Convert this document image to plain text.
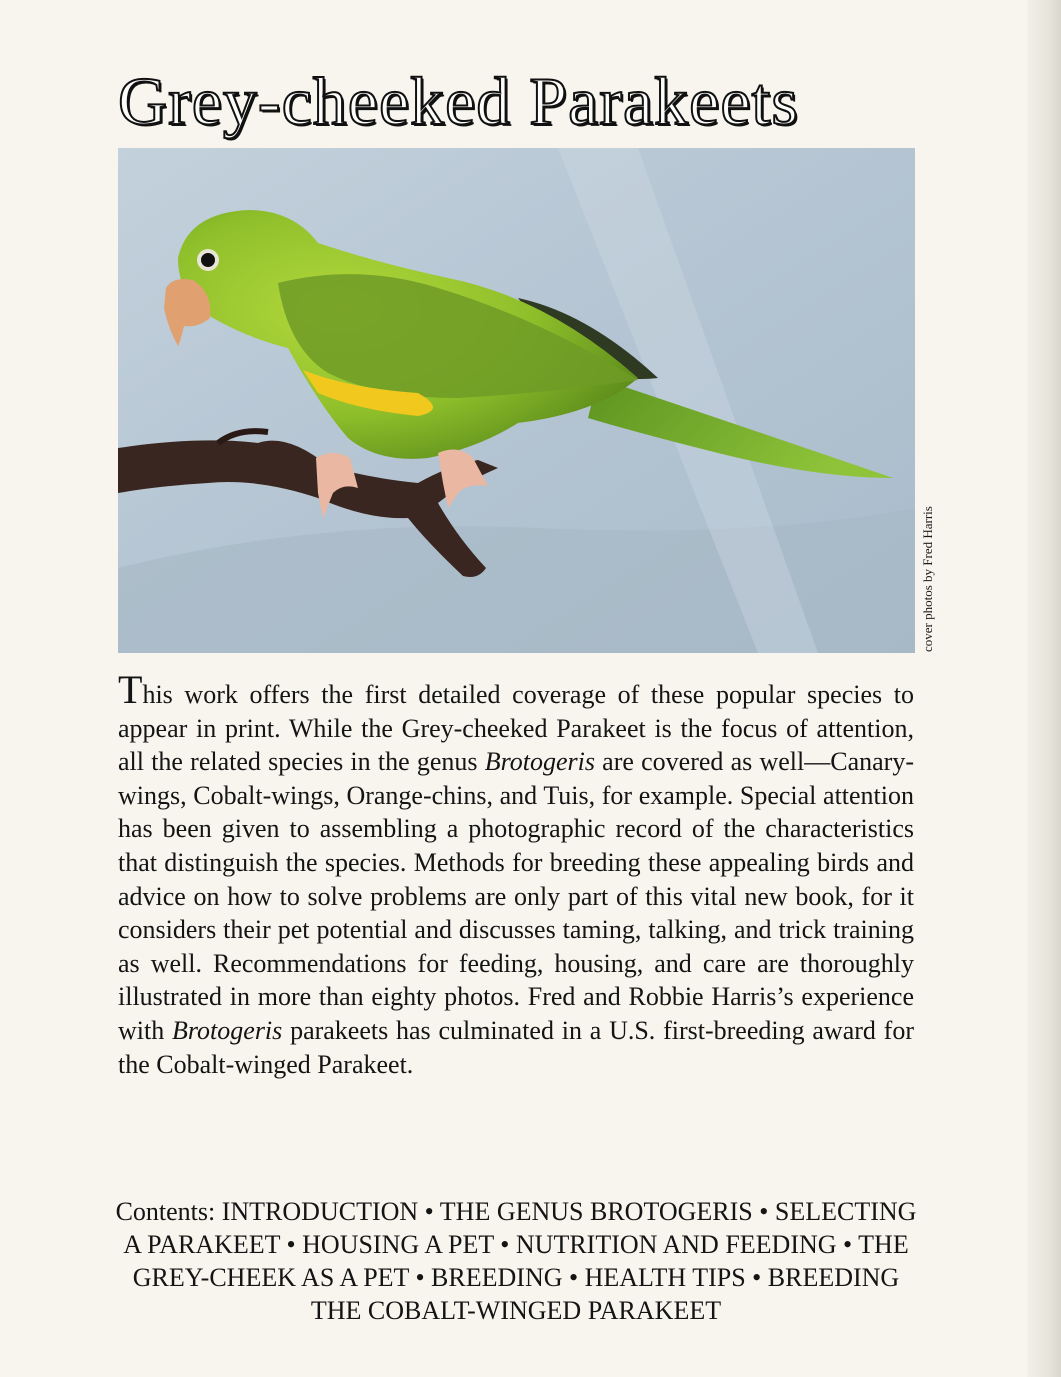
Grey-cheeked Parakeets
cover photos by Fred Harris
This work offers the first detailed coverage of these popular species to appear in print. While the Grey-cheeked Parakeet is the focus of attention, all the related species in the genus Brotogeris are covered as well—Canary-wings, Cobalt-wings, Orange-chins, and Tuis, for example. Special attention has been given to assembling a photographic record of the characteristics that distinguish the species. Methods for breeding these appealing birds and advice on how to solve problems are only part of this vital new book, for it considers their pet potential and discusses taming, talking, and trick training as well. Recommendations for feeding, housing, and care are thoroughly illustrated in more than eighty photos. Fred and Robbie Harris’s experience with Brotogeris parakeets has culminated in a U.S. first-breeding award for the Cobalt-winged Parakeet.
Contents: INTRODUCTION • THE GENUS BROTOGERIS • SELECTING A PARAKEET • HOUSING A PET • NUTRITION AND FEEDING • THE GREY-CHEEK AS A PET • BREEDING • HEALTH TIPS • BREEDING THE COBALT-WINGED PARAKEET
